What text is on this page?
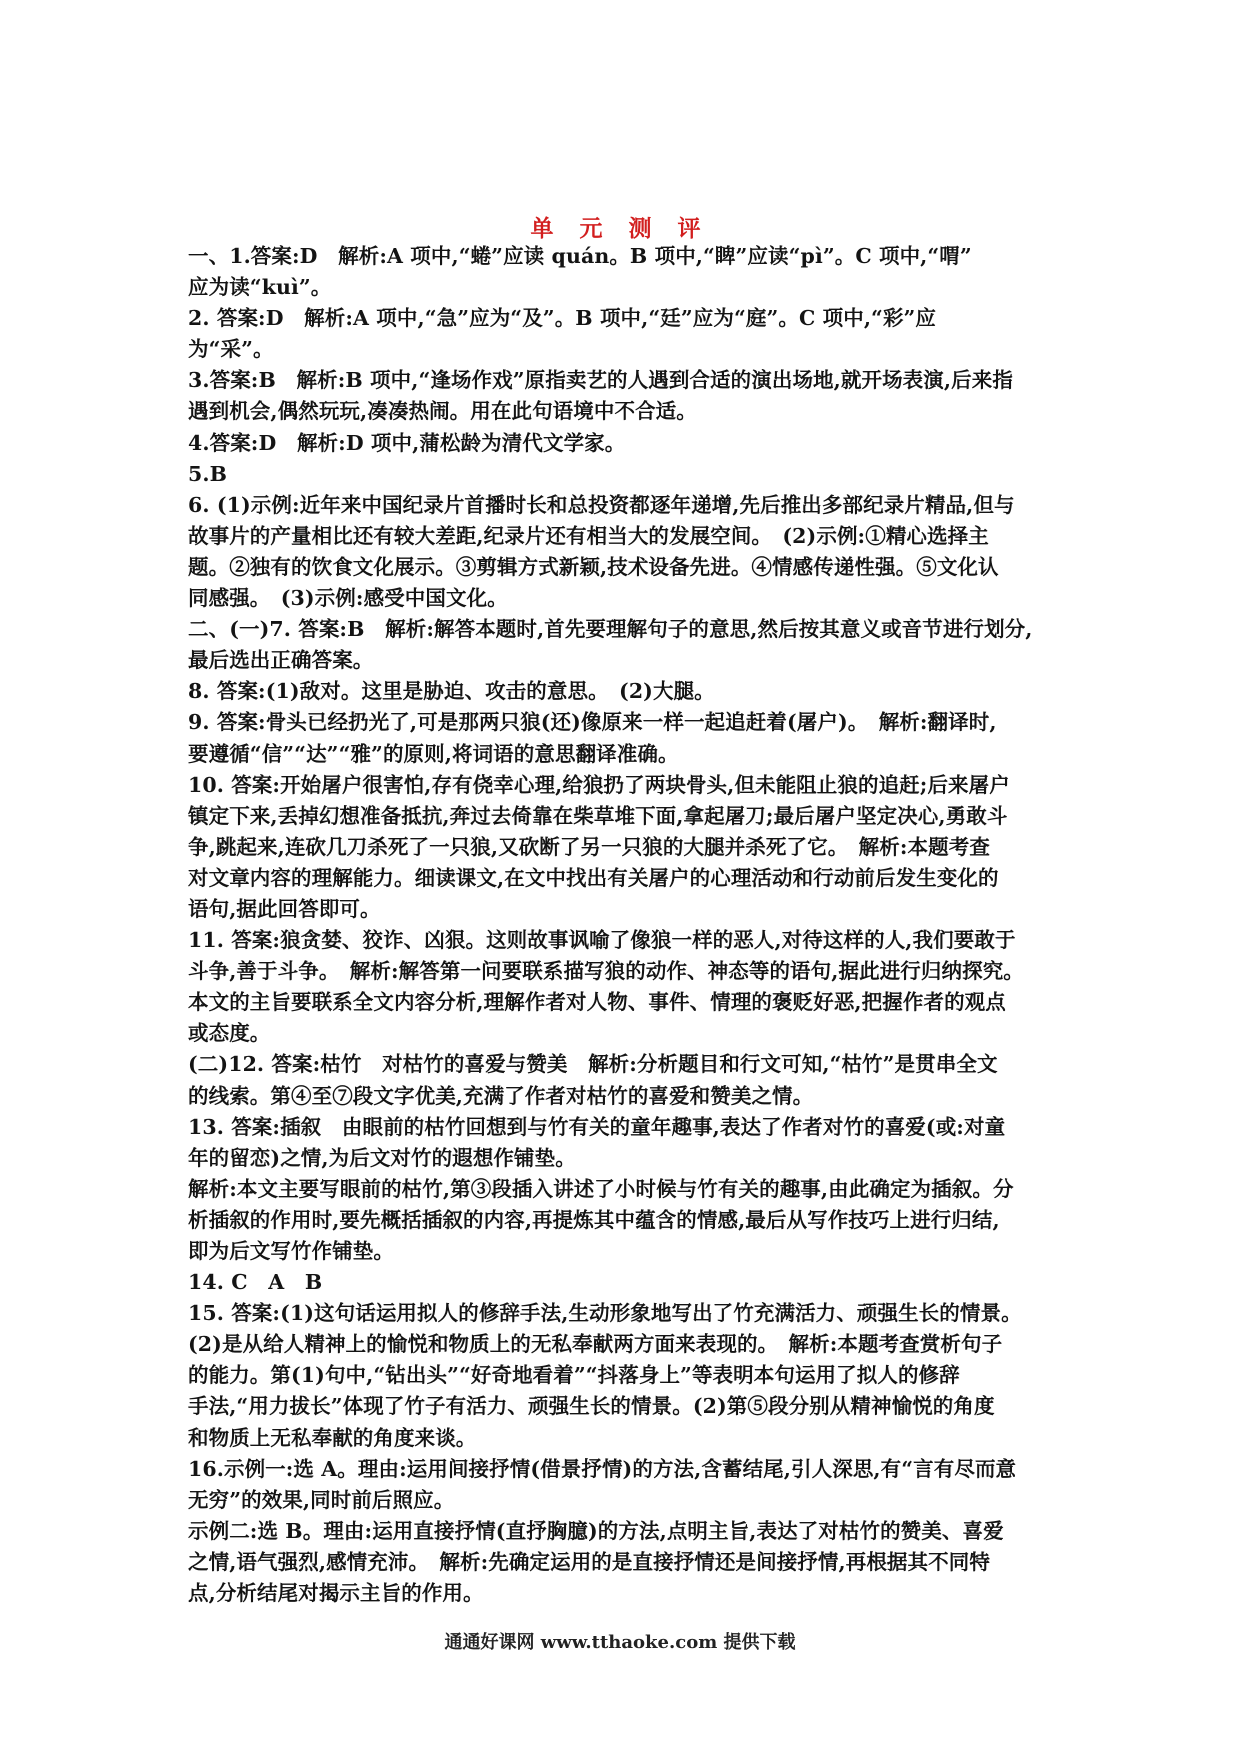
单 元 测 评

一、1.答案:D　解析:A 项中,“蜷”应读 quán。B 项中,“睥”应读“pì”。C 项中,“喟”

应为读“kuì”。

2. 答案:D　解析:A 项中,“急”应为“及”。B 项中,“廷”应为“庭”。C 项中,“彩”应

为“采”。

3.答案:B　解析:B 项中,“逢场作戏”原指卖艺的人遇到合适的演出场地,就开场表演,后来指

遇到机会,偶然玩玩,凑凑热闹。用在此句语境中不合适。

4.答案:D　解析:D 项中,蒲松龄为清代文学家。

5.B

6. (1)示例:近年来中国纪录片首播时长和总投资都逐年递增,先后推出多部纪录片精品,但与

故事片的产量相比还有较大差距,纪录片还有相当大的发展空间。　(2)示例:①精心选择主

题。②独有的饮食文化展示。③剪辑方式新颖,技术设备先进。④情感传递性强。⑤文化认

同感强。　(3)示例:感受中国文化。

二、(一)7. 答案:B　解析:解答本题时,首先要理解句子的意思,然后按其意义或音节进行划分,

最后选出正确答案。

8. 答案:(1)敌对。这里是胁迫、攻击的意思。　(2)大腿。

9. 答案:骨头已经扔光了,可是那两只狼(还)像原来一样一起追赶着(屠户)。　解析:翻译时,

要遵循“信”“达”“雅”的原则,将词语的意思翻译准确。

10. 答案:开始屠户很害怕,存有侥幸心理,给狼扔了两块骨头,但未能阻止狼的追赶;后来屠户

镇定下来,丢掉幻想准备抵抗,奔过去倚靠在柴草堆下面,拿起屠刀;最后屠户坚定决心,勇敢斗

争,跳起来,连砍几刀杀死了一只狼,又砍断了另一只狼的大腿并杀死了它。　解析:本题考查

对文章内容的理解能力。细读课文,在文中找出有关屠户的心理活动和行动前后发生变化的

语句,据此回答即可。

11. 答案:狼贪婪、狡诈、凶狠。这则故事讽喻了像狼一样的恶人,对待这样的人,我们要敢于

斗争,善于斗争。　解析:解答第一问要联系描写狼的动作、神态等的语句,据此进行归纳探究。

本文的主旨要联系全文内容分析,理解作者对人物、事件、情理的褒贬好恶,把握作者的观点

或态度。

(二)12. 答案:枯竹　对枯竹的喜爱与赞美　解析:分析题目和行文可知,“枯竹”是贯串全文

的线索。第④至⑦段文字优美,充满了作者对枯竹的喜爱和赞美之情。

13. 答案:插叙　由眼前的枯竹回想到与竹有关的童年趣事,表达了作者对竹的喜爱(或:对童

年的留恋)之情,为后文对竹的遐想作铺垫。

解析:本文主要写眼前的枯竹,第③段插入讲述了小时候与竹有关的趣事,由此确定为插叙。分

析插叙的作用时,要先概括插叙的内容,再提炼其中蕴含的情感,最后从写作技巧上进行归结,

即为后文写竹作铺垫。

14. C　A　B

15. 答案:(1)这句话运用拟人的修辞手法,生动形象地写出了竹充满活力、顽强生长的情景。

(2)是从给人精神上的愉悦和物质上的无私奉献两方面来表现的。　解析:本题考查赏析句子

的能力。第(1)句中,“钻出头”“好奇地看着”“抖落身上”等表明本句运用了拟人的修辞

手法,“用力拔长”体现了竹子有活力、顽强生长的情景。(2)第⑤段分别从精神愉悦的角度

和物质上无私奉献的角度来谈。

16.示例一:选 A。理由:运用间接抒情(借景抒情)的方法,含蓄结尾,引人深思,有“言有尽而意

无穷”的效果,同时前后照应。

示例二:选 B。理由:运用直接抒情(直抒胸臆)的方法,点明主旨,表达了对枯竹的赞美、喜爱

之情,语气强烈,感情充沛。　解析:先确定运用的是直接抒情还是间接抒情,再根据其不同特

点,分析结尾对揭示主旨的作用。

通通好课网 www.tthaoke.com 提供下载
